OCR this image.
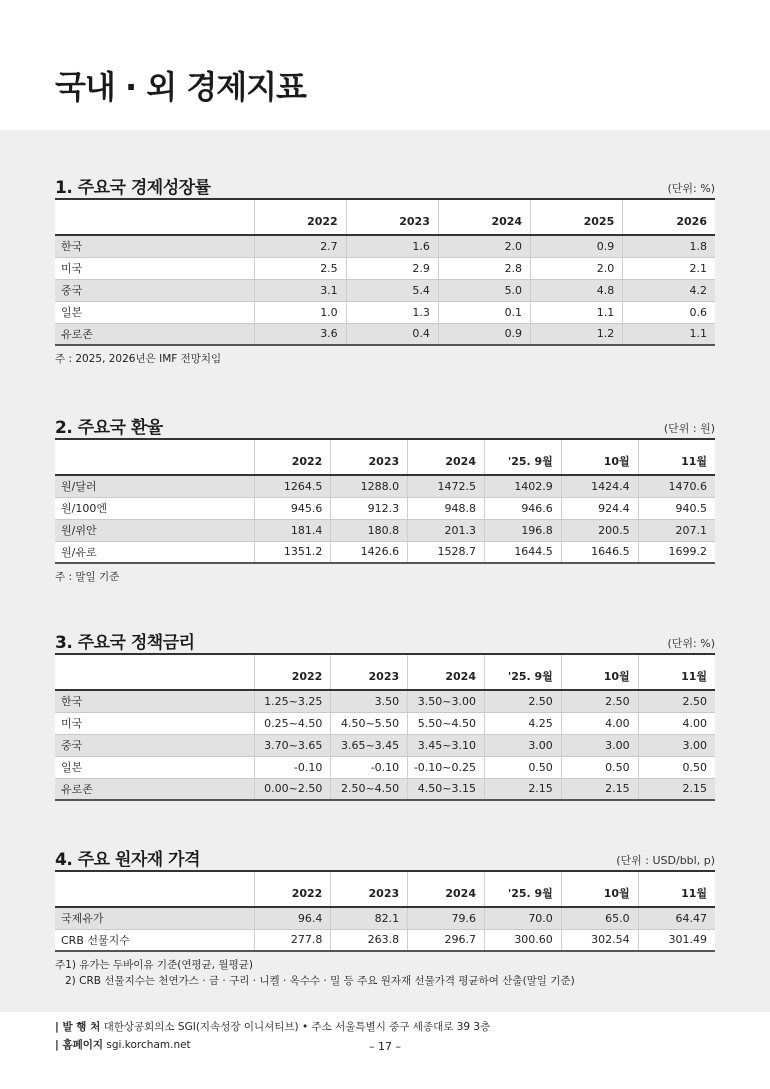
국내 · 외 경제지표
1. 주요국 경제성장률	(단위: %)
	2022	2023	2024	2025	2026
한국	2.7	1.6	2.0	0.9	1.8
미국	2.5	2.9	2.8	2.0	2.1
중국	3.1	5.4	5.0	4.8	4.2
일본	1.0	1.3	0.1	1.1	0.6
유로존	3.6	0.4	0.9	1.2	1.1
주 : 2025, 2026년은 IMF 전망치임
2. 주요국 환율	(단위 : 원)
	2022	2023	2024	'25. 9월	10월	11월
원/달러	1264.5	1288.0	1472.5	1402.9	1424.4	1470.6
원/100엔	945.6	912.3	948.8	946.6	924.4	940.5
원/위안	181.4	180.8	201.3	196.8	200.5	207.1
원/유로	1351.2	1426.6	1528.7	1644.5	1646.5	1699.2
주 : 말일 기준
3. 주요국 정책금리	(단위: %)
	2022	2023	2024	'25. 9월	10월	11월
한국	1.25~3.25	3.50	3.50~3.00	2.50	2.50	2.50
미국	0.25~4.50	4.50~5.50	5.50~4.50	4.25	4.00	4.00
중국	3.70~3.65	3.65~3.45	3.45~3.10	3.00	3.00	3.00
일본	-0.10	-0.10	-0.10~0.25	0.50	0.50	0.50
유로존	0.00~2.50	2.50~4.50	4.50~3.15	2.15	2.15	2.15
4. 주요 원자재 가격	(단위 : USD/bbl, p)
	2022	2023	2024	'25. 9월	10월	11월
국제유가	96.4	82.1	79.6	70.0	65.0	64.47
CRB 선물지수	277.8	263.8	296.7	300.60	302.54	301.49
주1) 유가는 두바이유 기준(연평균, 월평균)
2) CRB 선물지수는 천연가스 · 금 · 구리 · 니켈 · 옥수수 · 밀 등 주요 원자재 선물가격 평균하여 산출(말일 기준)
| 발 행 처 대한상공회의소 SGI(지속성장 이니셔티브) • 주소 서울특별시 중구 세종대로 39 3층
| 홈페이지 sgi.korcham.net	– 17 –
